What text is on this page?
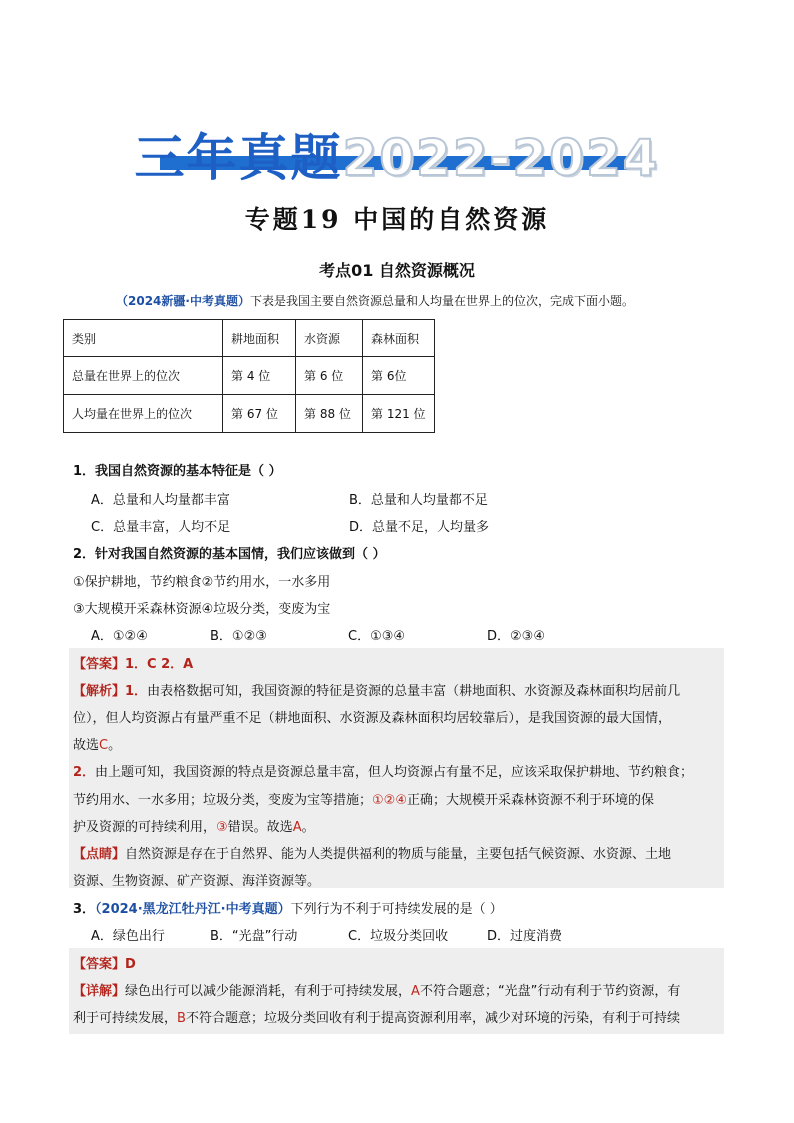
三年真题2022-2024
专题19 中国的自然资源
考点01 自然资源概况
（2024新疆·中考真题）下表是我国主要自然资源总量和人均量在世界上的位次，完成下面小题。
类别	耕地面积	水资源	森林面积
总量在世界上的位次	第 4 位	第 6 位	第 6位
人均量在世界上的位次	第 67 位	第 88 位	第 121 位
1．我国自然资源的基本特征是（ ）
A．总量和人均量都丰富	B．总量和人均量都不足
C．总量丰富，人均不足	D．总量不足，人均量多
2．针对我国自然资源的基本国情，我们应该做到（ ）
①保护耕地，节约粮食②节约用水，一水多用
③大规模开采森林资源④垃圾分类，变废为宝
A．①②④	B．①②③	C．①③④	D．②③④
【答案】1．C 2．A
【解析】1．由表格数据可知，我国资源的特征是资源的总量丰富（耕地面积、水资源及森林面积均居前几
位），但人均资源占有量严重不足（耕地面积、水资源及森林面积均居较靠后），是我国资源的最大国情，
故选C。
2．由上题可知，我国资源的特点是资源总量丰富，但人均资源占有量不足，应该采取保护耕地、节约粮食；
节约用水、一水多用；垃圾分类，变废为宝等措施；①②④正确；大规模开采森林资源不利于环境的保
护及资源的可持续利用，③错误。故选A。
【点睛】自然资源是存在于自然界、能为人类提供福利的物质与能量，主要包括气候资源、水资源、土地
资源、生物资源、矿产资源、海洋资源等。
3．（2024·黑龙江牡丹江·中考真题）下列行为不利于可持续发展的是（ ）
A．绿色出行	B．“光盘”行动	C．垃圾分类回收	D．过度消费
【答案】D
【详解】绿色出行可以减少能源消耗，有利于可持续发展，A不符合题意；“光盘”行动有利于节约资源，有
利于可持续发展，B不符合题意；垃圾分类回收有利于提高资源利用率，减少对环境的污染，有利于可持续
